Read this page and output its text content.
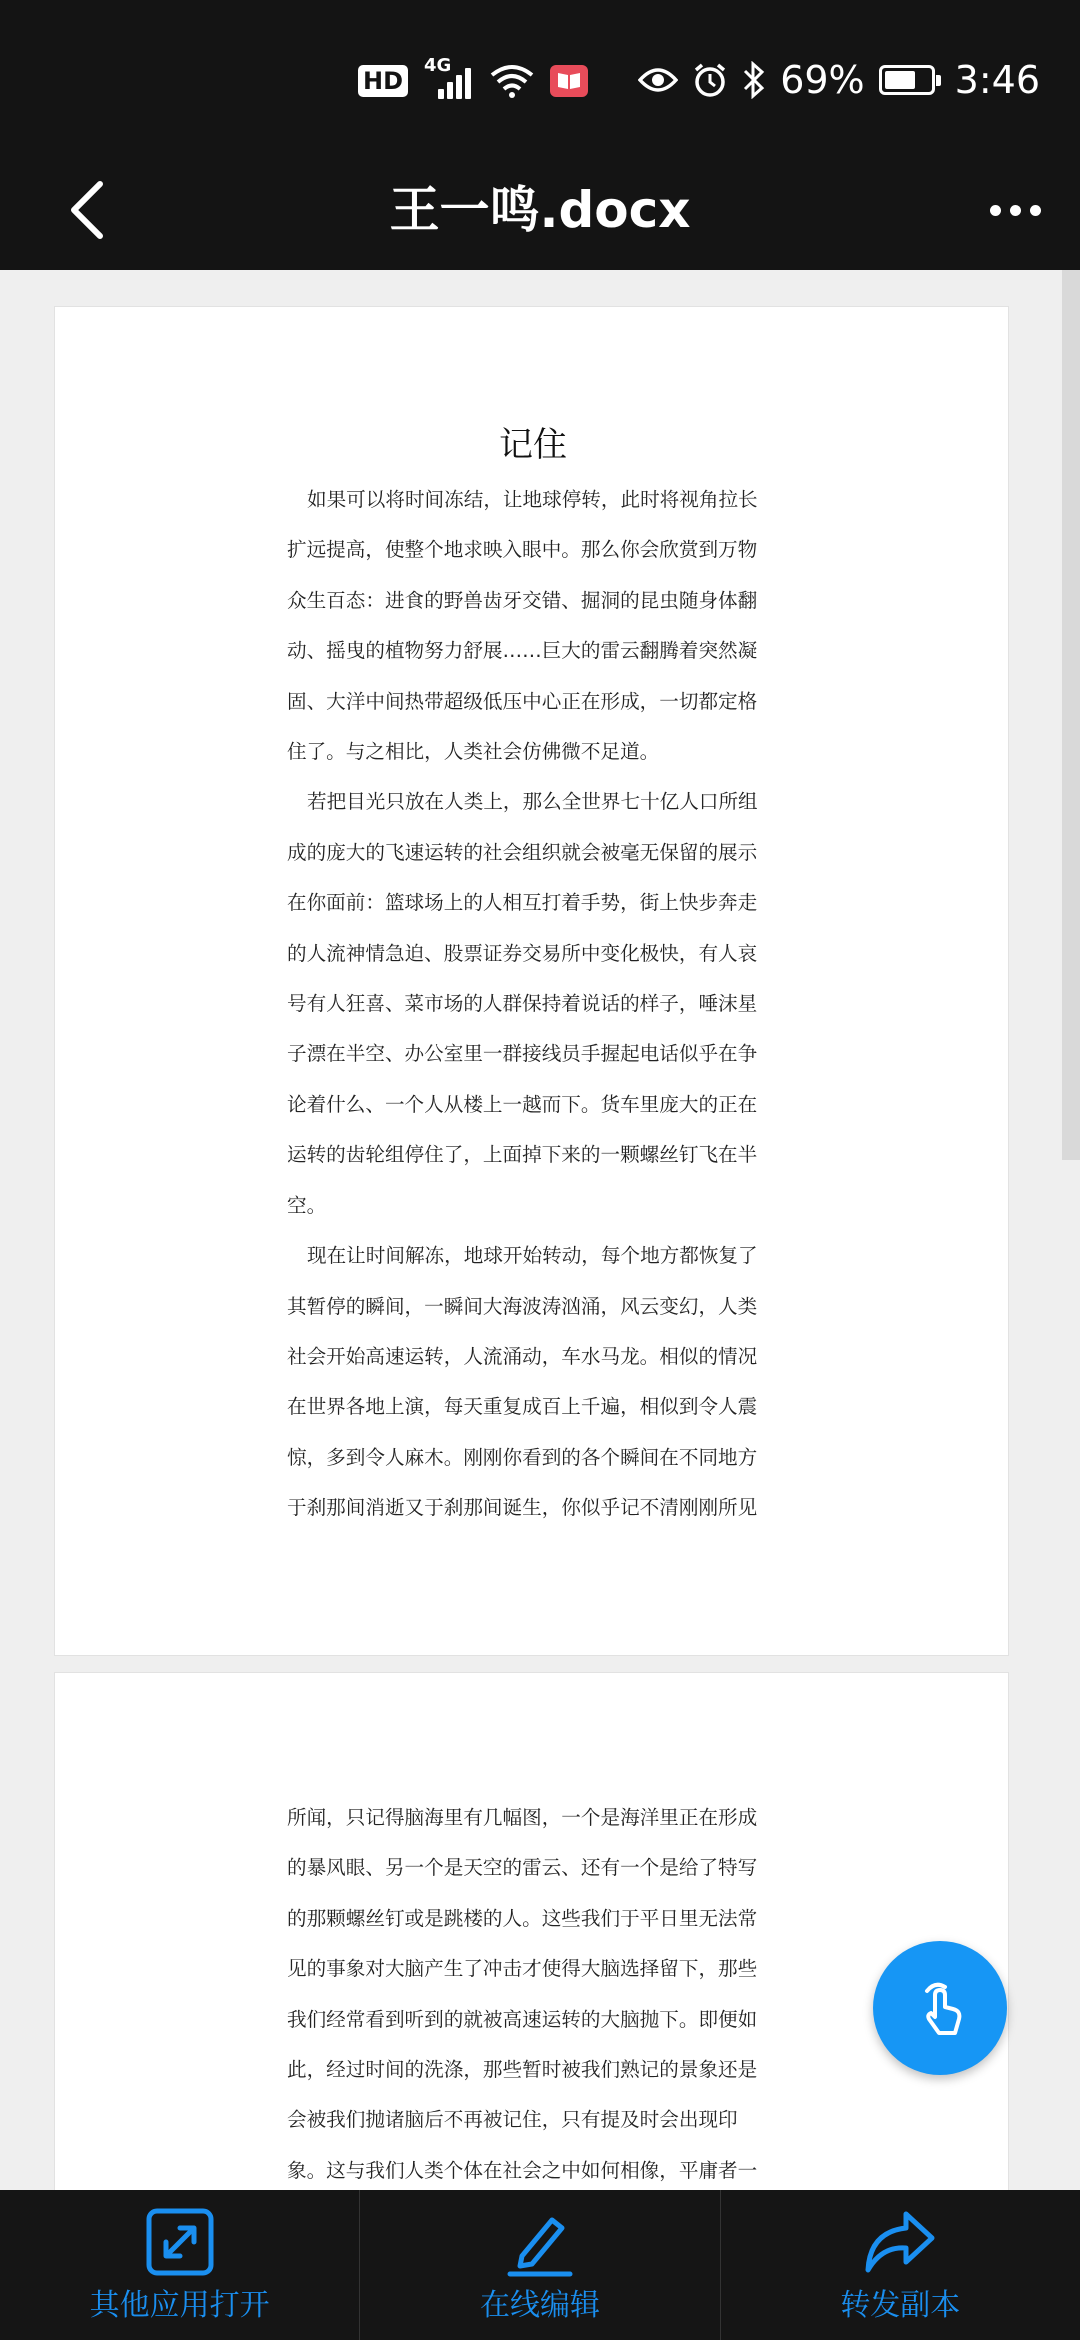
HD
4G	69% 3:46
王一鸣.docx
记住

如果可以将时间冻结，让地球停转，此时将视角拉长
扩远提高，使整个地求映入眼中。那么你会欣赏到万物
众生百态：进食的野兽齿牙交错、掘洞的昆虫随身体翻
动、摇曳的植物努力舒展……巨大的雷云翻腾着突然凝
固、大洋中间热带超级低压中心正在形成，一切都定格
住了。与之相比，人类社会仿佛微不足道。

若把目光只放在人类上，那么全世界七十亿人口所组
成的庞大的飞速运转的社会组织就会被毫无保留的展示
在你面前：篮球场上的人相互打着手势，街上快步奔走
的人流神情急迫、股票证券交易所中变化极快，有人哀
号有人狂喜、菜市场的人群保持着说话的样子，唾沫星
子漂在半空、办公室里一群接线员手握起电话似乎在争
论着什么、一个人从楼上一越而下。货车里庞大的正在
运转的齿轮组停住了，上面掉下来的一颗螺丝钉飞在半
空。

现在让时间解冻，地球开始转动，每个地方都恢复了
其暂停的瞬间，一瞬间大海波涛汹涌，风云变幻，人类
社会开始高速运转，人流涌动，车水马龙。相似的情况
在世界各地上演，每天重复成百上千遍，相似到令人震
惊，多到令人麻木。刚刚你看到的各个瞬间在不同地方
于刹那间消逝又于刹那间诞生，你似乎记不清刚刚所见

所闻，只记得脑海里有几幅图，一个是海洋里正在形成
的暴风眼、另一个是天空的雷云、还有一个是给了特写
的那颗螺丝钉或是跳楼的人。这些我们于平日里无法常
见的事象对大脑产生了冲击才使得大脑选择留下，那些
我们经常看到听到的就被高速运转的大脑抛下。即便如
此，经过时间的洗涤，那些暂时被我们熟记的景象还是
会被我们抛诸脑后不再被记住，只有提及时会出现印
象。这与我们人类个体在社会之中如何相像，平庸者一

其他应用打开	在线编辑	转发副本
